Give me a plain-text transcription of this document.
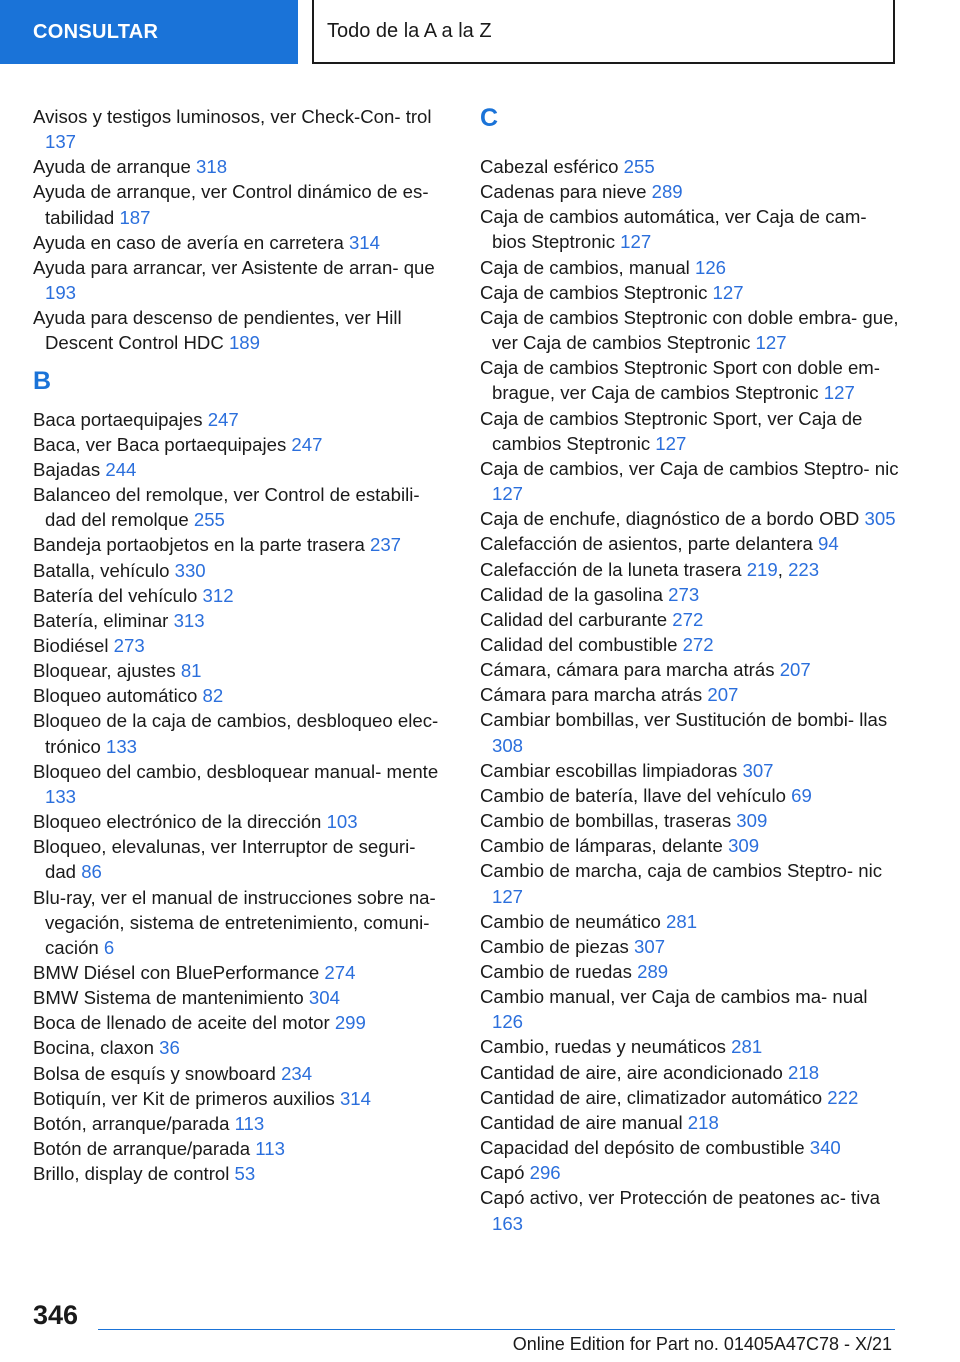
CONSULTAR	Todo de la A a la Z
Avisos y testigos luminosos, ver Check-Con- trol 137
Ayuda de arranque 318
Ayuda de arranque, ver Control dinámico de es- tabilidad 187
Ayuda en caso de avería en carretera 314
Ayuda para arrancar, ver Asistente de arran- que 193
Ayuda para descenso de pendientes, ver Hill Descent Control HDC 189
B
Baca portaequipajes 247
Baca, ver Baca portaequipajes 247
Bajadas 244
Balanceo del remolque, ver Control de estabili- dad del remolque 255
Bandeja portaobjetos en la parte trasera 237
Batalla, vehículo 330
Batería del vehículo 312
Batería, eliminar 313
Biodiésel 273
Bloquear, ajustes 81
Bloqueo automático 82
Bloqueo de la caja de cambios, desbloqueo elec- trónico 133
Bloqueo del cambio, desbloquear manual- mente 133
Bloqueo electrónico de la dirección 103
Bloqueo, elevalunas, ver Interruptor de seguri- dad 86
Blu-ray, ver el manual de instrucciones sobre na- vegación, sistema de entretenimiento, comuni- cación 6
BMW Diésel con BluePerformance 274
BMW Sistema de mantenimiento 304
Boca de llenado de aceite del motor 299
Bocina, claxon 36
Bolsa de esquís y snowboard 234
Botiquín, ver Kit de primeros auxilios 314
Botón, arranque/parada 113
Botón de arranque/parada 113
Brillo, display de control 53
C
Cabezal esférico 255
Cadenas para nieve 289
Caja de cambios automática, ver Caja de cam- bios Steptronic 127
Caja de cambios, manual 126
Caja de cambios Steptronic 127
Caja de cambios Steptronic con doble embra- gue, ver Caja de cambios Steptronic 127
Caja de cambios Steptronic Sport con doble em- brague, ver Caja de cambios Steptronic 127
Caja de cambios Steptronic Sport, ver Caja de cambios Steptronic 127
Caja de cambios, ver Caja de cambios Steptro- nic 127
Caja de enchufe, diagnóstico de a bordo OBD 305
Calefacción de asientos, parte delantera 94
Calefacción de la luneta trasera 219, 223
Calidad de la gasolina 273
Calidad del carburante 272
Calidad del combustible 272
Cámara, cámara para marcha atrás 207
Cámara para marcha atrás 207
Cambiar bombillas, ver Sustitución de bombi- llas 308
Cambiar escobillas limpiadoras 307
Cambio de batería, llave del vehículo 69
Cambio de bombillas, traseras 309
Cambio de lámparas, delante 309
Cambio de marcha, caja de cambios Steptro- nic 127
Cambio de neumático 281
Cambio de piezas 307
Cambio de ruedas 289
Cambio manual, ver Caja de cambios ma- nual 126
Cambio, ruedas y neumáticos 281
Cantidad de aire, aire acondicionado 218
Cantidad de aire, climatizador automático 222
Cantidad de aire manual 218
Capacidad del depósito de combustible 340
Capó 296
Capó activo, ver Protección de peatones ac- tiva 163
346
Online Edition for Part no. 01405A47C78 - X/21
